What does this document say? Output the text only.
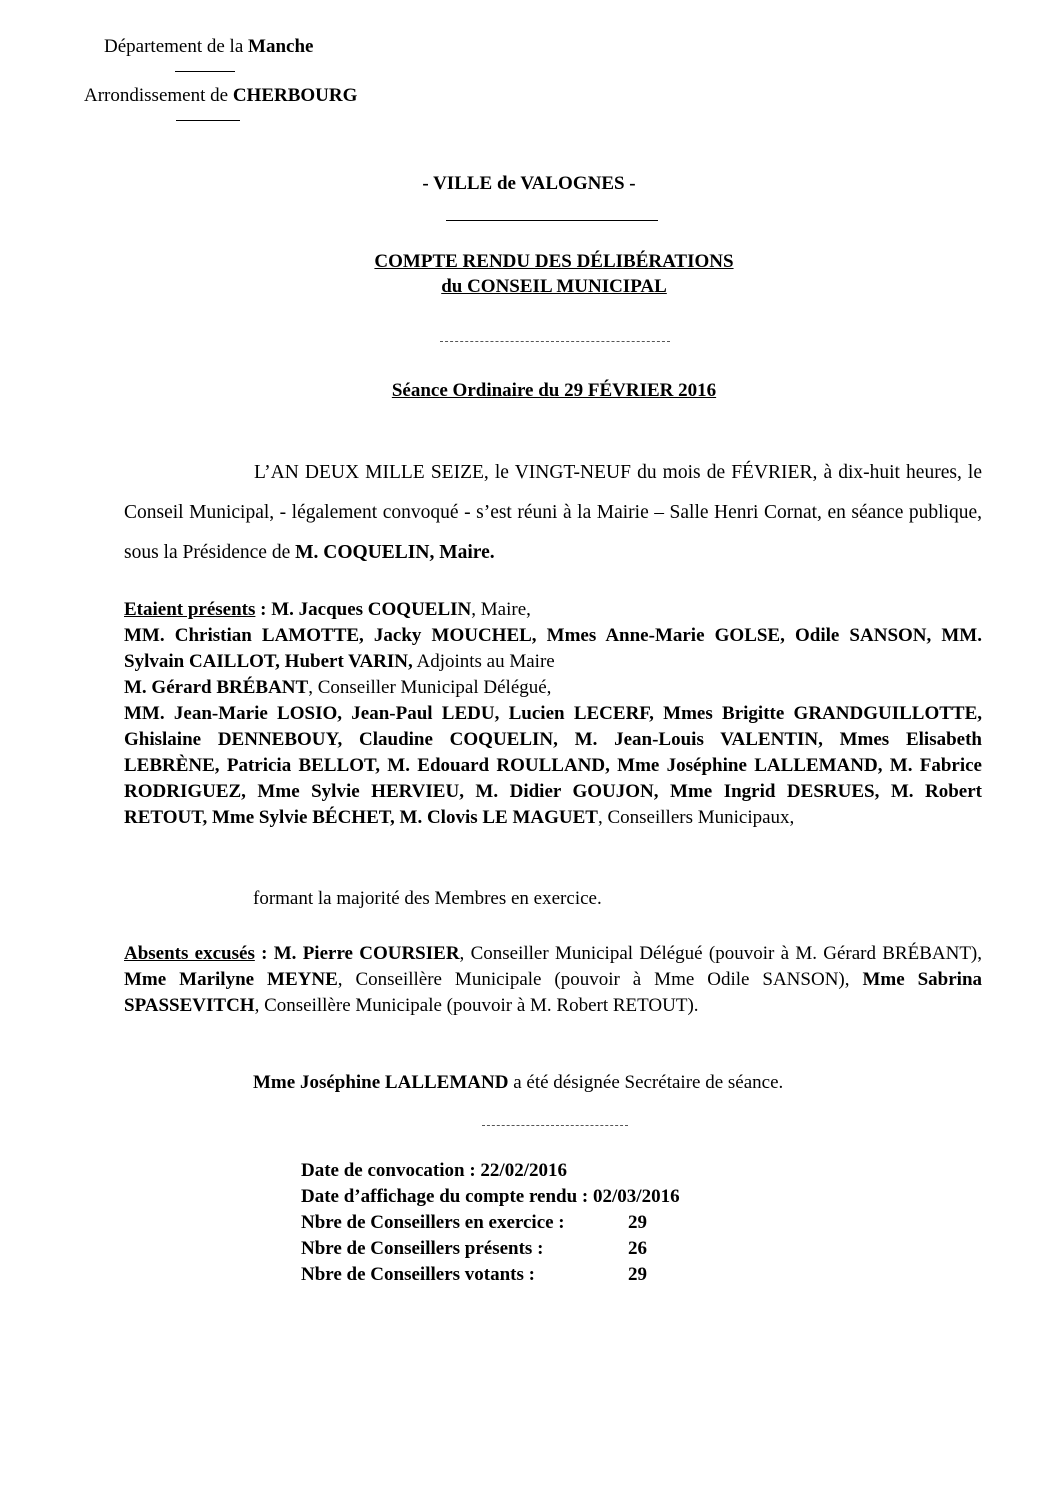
Département de la Manche
Arrondissement de CHERBOURG
- VILLE de VALOGNES -
COMPTE RENDU DES DÉLIBÉRATIONS
du CONSEIL MUNICIPAL
Séance Ordinaire du 29 FÉVRIER 2016
L’AN DEUX MILLE SEIZE, le VINGT-NEUF du mois de FÉVRIER, à dix-huit heures, le Conseil Municipal, - légalement convoqué - s’est réuni à la Mairie – Salle Henri Cornat, en séance publique, sous la Présidence de M. COQUELIN, Maire.
Etaient présents : M. Jacques COQUELIN, Maire,
MM. Christian LAMOTTE, Jacky MOUCHEL, Mmes Anne-Marie GOLSE, Odile SANSON, MM. Sylvain CAILLOT, Hubert VARIN, Adjoints au Maire
M. Gérard BRÉBANT, Conseiller Municipal Délégué,
MM. Jean-Marie LOSIO, Jean-Paul LEDU, Lucien LECERF, Mmes Brigitte GRANDGUILLOTTE, Ghislaine DENNEBOUY, Claudine COQUELIN, M. Jean-Louis VALENTIN, Mmes Elisabeth LEBRÈNE, Patricia BELLOT, M. Edouard ROULLAND, Mme Joséphine LALLEMAND, M. Fabrice RODRIGUEZ, Mme Sylvie HERVIEU, M. Didier GOUJON, Mme Ingrid DESRUES, M. Robert RETOUT, Mme Sylvie BÉCHET, M. Clovis LE MAGUET, Conseillers Municipaux,
formant la majorité des Membres en exercice.
Absents excusés : M. Pierre COURSIER, Conseiller Municipal Délégué (pouvoir à M. Gérard BRÉBANT), Mme Marilyne MEYNE, Conseillère Municipale (pouvoir à Mme Odile SANSON), Mme Sabrina SPASSEVITCH, Conseillère Municipale (pouvoir à M. Robert RETOUT).
Mme Joséphine LALLEMAND a été désignée Secrétaire de séance.
Date de convocation : 22/02/2016
Date d’affichage du compte rendu : 02/03/2016
Nbre de Conseillers en exercice :	29
Nbre de Conseillers présents :	26
Nbre de Conseillers votants :	29
